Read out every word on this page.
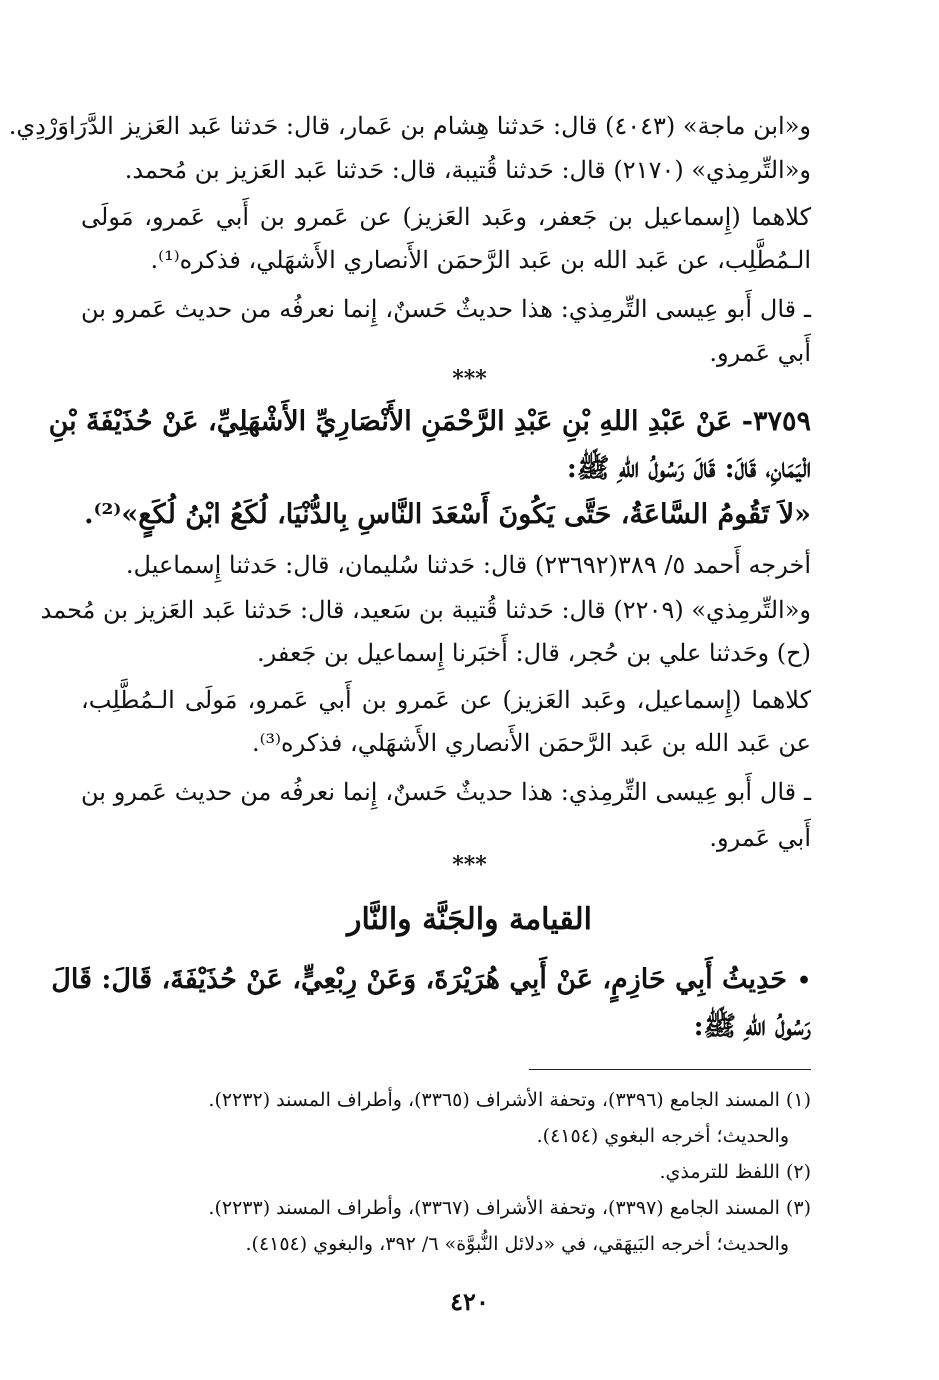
و«ابن ماجة» (٤٠٤٣) قال: حَدثنا هِشام بن عَمار، قال: حَدثنا عَبد العَزيز الدَّرَاوَرْدِي.
و«التِّرمِذي» (٢١٧٠) قال: حَدثنا قُتيبة، قال: حَدثنا عَبد العَزيز بن مُحمد.
كلاهما (إِسماعيل بن جَعفر، وعَبد العَزيز) عن عَمرو بن أَبي عَمرو، مَولَى
الـمُطَّلِب، عن عَبد الله بن عَبد الرَّحمَن الأَنصاري الأَشهَلي، فذكره⁽¹⁾.
ـ قال أَبو عِيسى التِّرمِذي: هذا حديثٌ حَسنٌ، إِنما نعرفُه من حديث عَمرو بن
أَبي عَمرو.
***
٣٧٥٩- عَنْ عَبْدِ اللهِ بْنِ عَبْدِ الرَّحْمَنِ الأَنْصَارِيِّ الأَشْهَلِيِّ، عَنْ حُذَيْفَةَ بْنِ
الْيَمَانِ، قَالَ: قَالَ رَسُولُ اللهِ ﷺ:
«لاَ تَقُومُ السَّاعَةُ، حَتَّى يَكُونَ أَسْعَدَ النَّاسِ بِالدُّنْيَا، لُكَعُ ابْنُ لُكَعٍ»⁽²⁾.
أخرجه أَحمد ٥/ ٣٨٩(٢٣٦٩٢) قال: حَدثنا سُليمان، قال: حَدثنا إِسماعيل.
و«التِّرمِذي» (٢٢٠٩) قال: حَدثنا قُتيبة بن سَعيد، قال: حَدثنا عَبد العَزيز بن مُحمد
(ح) وحَدثنا علي بن حُجر، قال: أَخبَرنا إِسماعيل بن جَعفر.
كلاهما (إِسماعيل، وعَبد العَزيز) عن عَمرو بن أَبي عَمرو، مَولَى الـمُطَّلِب،
عن عَبد الله بن عَبد الرَّحمَن الأَنصاري الأَشهَلي، فذكره⁽³⁾.
ـ قال أَبو عِيسى التِّرمِذي: هذا حديثٌ حَسنٌ، إِنما نعرفُه من حديث عَمرو بن
أَبي عَمرو.
***
القيامة والجَنَّة والنَّار
•حَدِيثُ أَبِي حَازِمٍ، عَنْ أَبِي هُرَيْرَةَ، وَعَنْ رِبْعِيٍّ، عَنْ حُذَيْفَةَ، قَالَ: قَالَ
رَسُولُ اللهِ ﷺ:
(١) المسند الجامع (٣٣٩٦)، وتحفة الأشراف (٣٣٦٥)، وأطراف المسند (٢٢٣٢).
والحديث؛ أخرجه البغوي (٤١٥٤).
(٢) اللفظ للترمذي.
(٣) المسند الجامع (٣٣٩٧)، وتحفة الأشراف (٣٣٦٧)، وأطراف المسند (٢٢٣٣).
والحديث؛ أخرجه البَيهَقي، في «دلائل النُّبوَّة» ٦/ ٣٩٢، والبغوي (٤١٥٤).
٤٢٠
